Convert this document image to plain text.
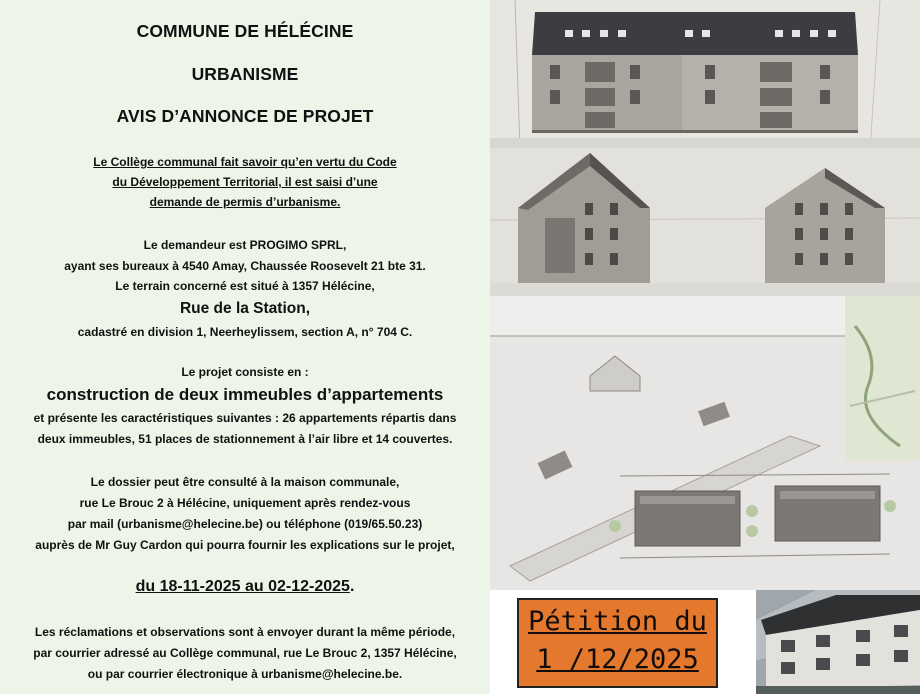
COMMUNE DE HÉLÉCINE
URBANISME
AVIS D’ANNONCE DE PROJET
Le Collège communal fait savoir qu’en vertu du Code
du Développement Territorial, il est saisi d’une
demande de permis d’urbanisme.
Le demandeur est PROGIMO SPRL,
ayant ses bureaux à 4540 Amay, Chaussée Roosevelt 21 bte 31.
Le terrain concerné est situé à 1357 Hélécine,
Rue de la Station,
cadastré en division 1, Neerheylissem, section A, n° 704 C.
Le projet consiste en :
construction de deux immeubles d’appartements
et présente les caractéristiques suivantes : 26 appartements répartis dans
deux immeubles, 51 places de stationnement à l’air libre et 14 couvertes.
Le dossier peut être consulté à la maison communale,
rue Le Brouc 2 à Hélécine, uniquement après rendez-vous
par mail (urbanisme@helecine.be) ou téléphone (019/65.50.23)
auprès de Mr Guy Cardon qui pourra fournir les explications sur le projet,
du 18-11-2025 au 02-12-2025.
Les réclamations et observations sont à envoyer durant la même période,
par courrier adressé au Collège communal, rue Le Brouc 2, 1357 Hélécine,
ou par courrier électronique à urbanisme@helecine.be.
Pétition du
1 /12/2025
